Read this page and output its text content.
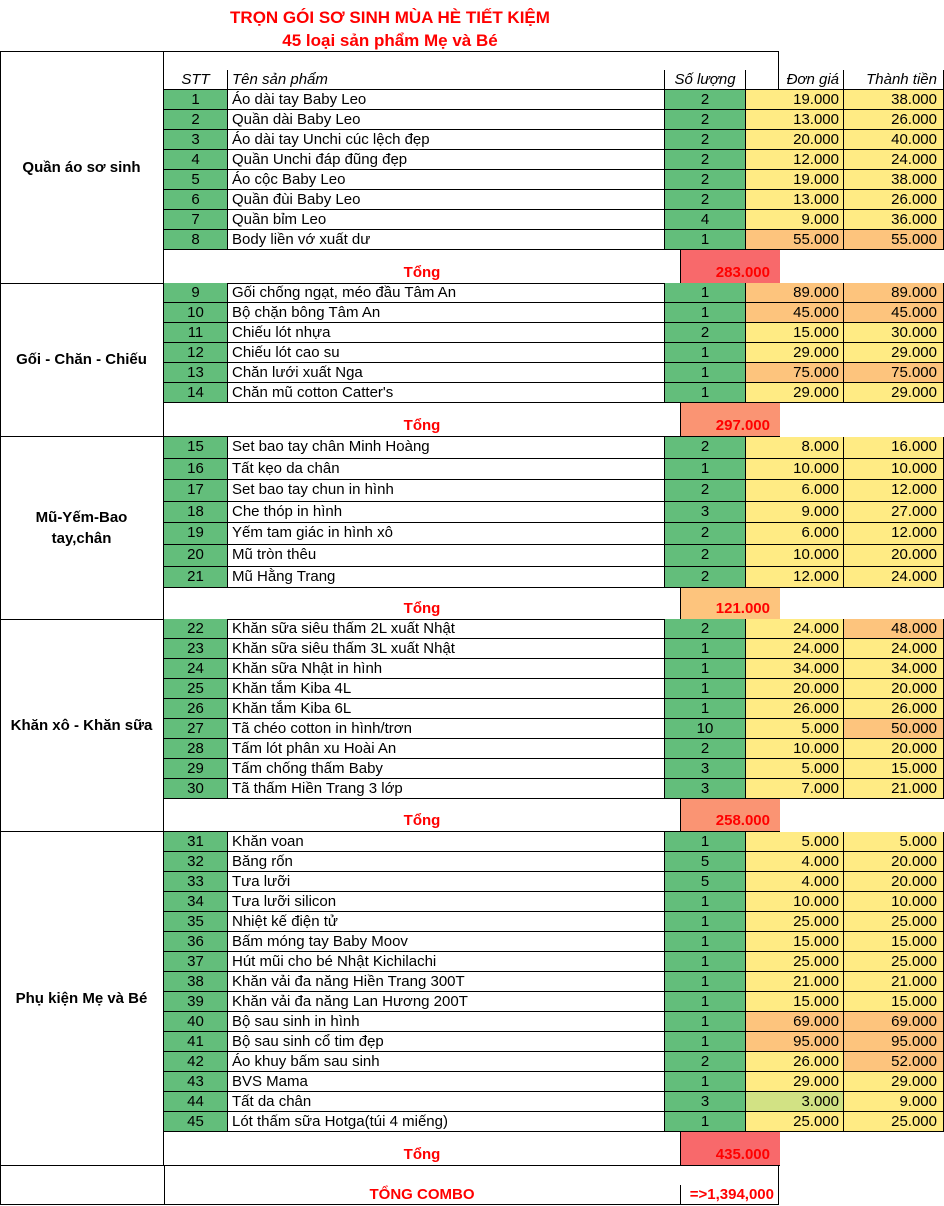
TRỌN GÓI SƠ SINH MÙA HÈ TIẾT KIỆM
45 loại sản phẩm Mẹ và Bé
STT	Tên sản phẩm	Số lượng	Đơn giá	Thành tiền
Quần áo sơ sinh
1	Áo dài tay Baby Leo	2	19.000	38.000
2	Quần dài Baby Leo	2	13.000	26.000
3	Áo dài tay Unchi cúc lệch đẹp	2	20.000	40.000
4	Quần Unchi đáp đũng đẹp	2	12.000	24.000
5	Áo cộc Baby Leo	2	19.000	38.000
6	Quần đùi Baby Leo	2	13.000	26.000
7	Quần bỉm Leo	4	9.000	36.000
8	Body liền vớ xuất dư	1	55.000	55.000
Tổng	283.000
Gối - Chăn - Chiếu
9	Gối chống ngạt, méo đầu Tâm An	1	89.000	89.000
10	Bộ chặn bông Tâm An	1	45.000	45.000
11	Chiếu lót nhựa	2	15.000	30.000
12	Chiếu lót cao su	1	29.000	29.000
13	Chăn lưới xuất Nga	1	75.000	75.000
14	Chăn mũ cotton Catter's	1	29.000	29.000
Tổng	297.000
Mũ-Yếm-Bao tay,chân
15	Set bao tay chân Minh Hoàng	2	8.000	16.000
16	Tất kẹo da chân	1	10.000	10.000
17	Set bao tay chun in hình	2	6.000	12.000
18	Che thóp in hình	3	9.000	27.000
19	Yếm tam giác in hình xô	2	6.000	12.000
20	Mũ tròn thêu	2	10.000	20.000
21	Mũ Hằng Trang	2	12.000	24.000
Tổng	121.000
Khăn xô - Khăn sữa
22	Khăn sữa siêu thấm 2L xuất Nhật	2	24.000	48.000
23	Khăn sữa siêu thấm 3L xuất Nhật	1	24.000	24.000
24	Khăn sữa Nhật in hình	1	34.000	34.000
25	Khăn tắm Kiba 4L	1	20.000	20.000
26	Khăn tắm Kiba 6L	1	26.000	26.000
27	Tã chéo cotton in hình/trơn	10	5.000	50.000
28	Tấm lót phân xu Hoài An	2	10.000	20.000
29	Tấm chống thấm Baby	3	5.000	15.000
30	Tã thấm Hiền Trang 3 lớp	3	7.000	21.000
Tổng	258.000
Phụ kiện Mẹ và Bé
31	Khăn voan	1	5.000	5.000
32	Băng rốn	5	4.000	20.000
33	Tưa lưỡi	5	4.000	20.000
34	Tưa lưỡi silicon	1	10.000	10.000
35	Nhiệt kế điện tử	1	25.000	25.000
36	Bấm móng tay Baby Moov	1	15.000	15.000
37	Hút mũi cho bé Nhật Kichilachi	1	25.000	25.000
38	Khăn vải đa năng Hiền Trang 300T	1	21.000	21.000
39	Khăn vải đa năng Lan Hương 200T	1	15.000	15.000
40	Bộ sau sinh in hình	1	69.000	69.000
41	Bộ sau sinh cổ tim đẹp	1	95.000	95.000
42	Áo khuy bấm sau sinh	2	26.000	52.000
43	BVS Mama	1	29.000	29.000
44	Tất da chân	3	3.000	9.000
45	Lót thấm sữa Hotga(túi 4 miếng)	1	25.000	25.000
Tổng	435.000
TỔNG COMBO	=>1,394,000
